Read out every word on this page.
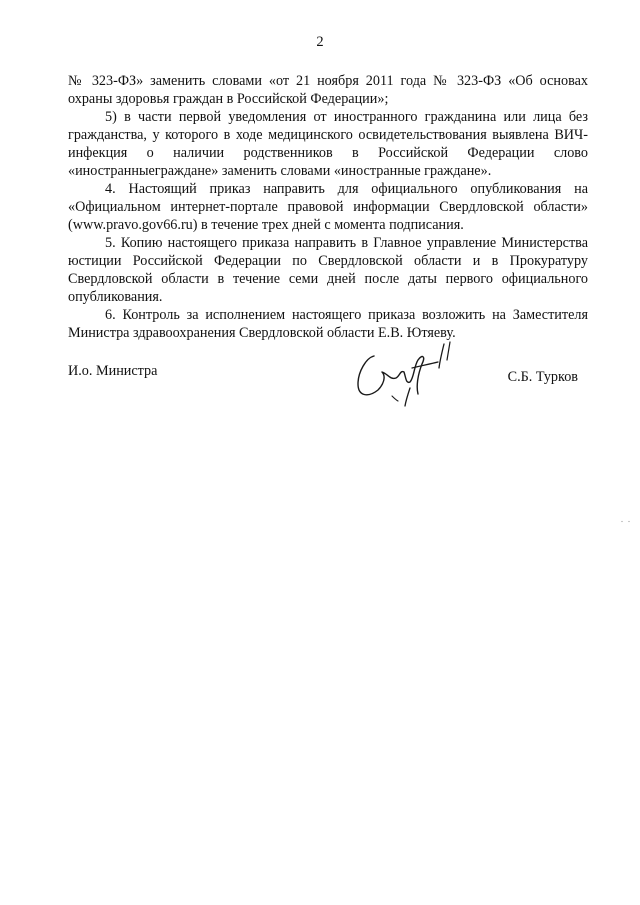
2

№ 323-ФЗ» заменить словами «от 21 ноября 2011 года № 323-ФЗ «Об основах охраны здоровья граждан в Российской Федерации»;

5) в части первой уведомления от иностранного гражданина или лица без гражданства, у которого в ходе медицинского освидетельствования выявлена ВИЧ-инфекция о наличии родственников в Российской Федерации слово «иностранныеграждане» заменить словами «иностранные граждане».

4. Настоящий приказ направить для официального опубликования на «Официальном интернет-портале правовой информации Свердловской области» (www.pravo.gov66.ru) в течение трех дней с момента подписания.

5. Копию настоящего приказа направить в Главное управление Министерства юстиции Российской Федерации по Свердловской области и в Прокуратуру Свердловской области в течение семи дней после даты первого официального опубликования.

6. Контроль за исполнением настоящего приказа возложить на Заместителя Министра здравоохранения Свердловской области Е.В. Ютяеву.

И.о. Министра	С.Б. Турков
